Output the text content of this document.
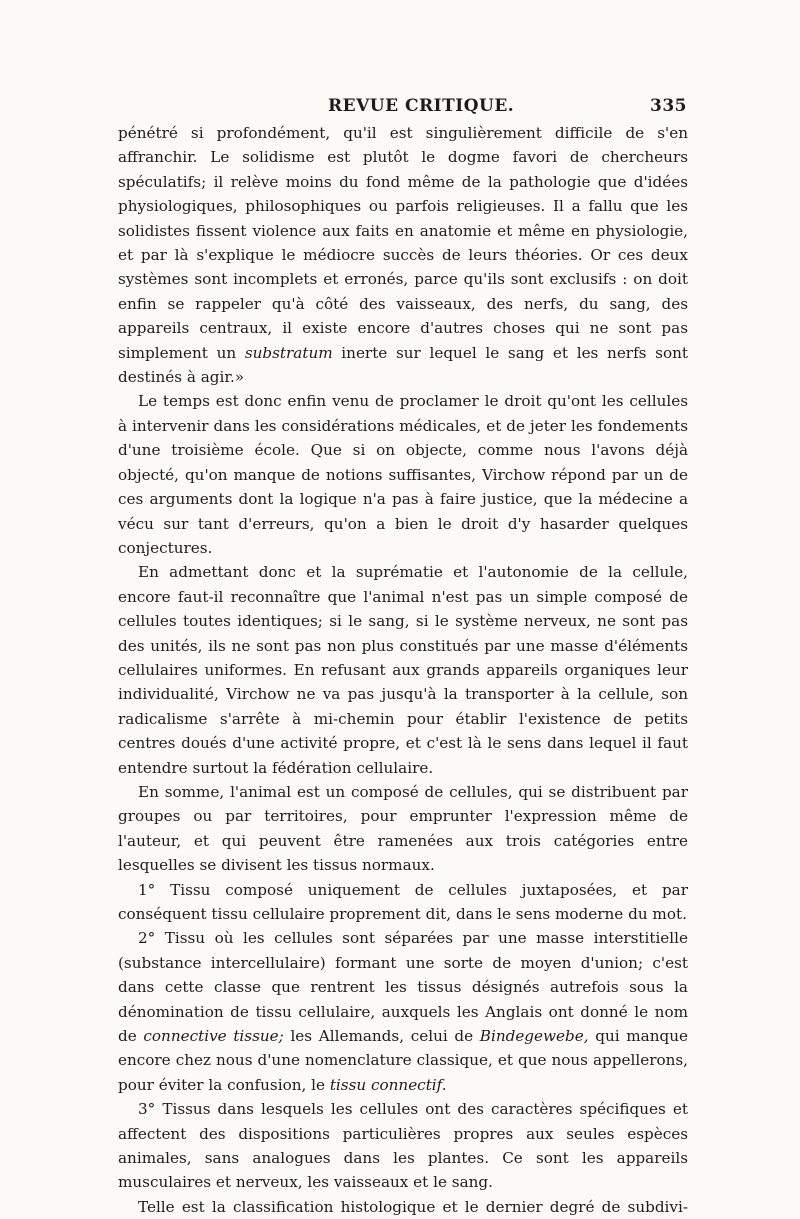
REVUE CRITIQUE.	335

pénétré si profondément, qu'il est singulièrement difficile de s'en affranchir. Le solidisme est plutôt le dogme favori de chercheurs spéculatifs; il relève moins du fond même de la pathologie que d'idées physiologiques, philosophiques ou parfois religieuses. Il a fallu que les solidistes fissent violence aux faits en anatomie et même en physiologie, et par là s'explique le médiocre succès de leurs théories. Or ces deux systèmes sont incomplets et erronés, parce qu'ils sont exclusifs : on doit enfin se rappeler qu'à côté des vaisseaux, des nerfs, du sang, des appareils centraux, il existe encore d'autres choses qui ne sont pas simplement un substratum inerte sur lequel le sang et les nerfs sont destinés à agir.»

Le temps est donc enfin venu de proclamer le droit qu'ont les cellules à intervenir dans les considérations médicales, et de jeter les fondements d'une troisième école. Que si on objecte, comme nous l'avons déjà objecté, qu'on manque de notions suffisantes, Virchow répond par un de ces arguments dont la logique n'a pas à faire justice, que la médecine a vécu sur tant d'erreurs, qu'on a bien le droit d'y hasarder quelques conjectures.

En admettant donc et la suprématie et l'autonomie de la cellule, encore faut-il reconnaître que l'animal n'est pas un simple composé de cellules toutes identiques; si le sang, si le système nerveux, ne sont pas des unités, ils ne sont pas non plus constitués par une masse d'éléments cellulaires uniformes. En refusant aux grands appareils organiques leur individualité, Virchow ne va pas jusqu'à la transporter à la cellule, son radicalisme s'arrête à mi-chemin pour établir l'existence de petits centres doués d'une activité propre, et c'est là le sens dans lequel il faut entendre surtout la fédération cellulaire.

En somme, l'animal est un composé de cellules, qui se distribuent par groupes ou par territoires, pour emprunter l'expression même de l'auteur, et qui peuvent être ramenées aux trois catégories entre lesquelles se divisent les tissus normaux.

1° Tissu composé uniquement de cellules juxtaposées, et par conséquent tissu cellulaire proprement dit, dans le sens moderne du mot.

2° Tissu où les cellules sont séparées par une masse interstitielle (substance intercellulaire) formant une sorte de moyen d'union; c'est dans cette classe que rentrent les tissus désignés autrefois sous la dénomination de tissu cellulaire, auxquels les Anglais ont donné le nom de connective tissue; les Allemands, celui de Bindegewebe, qui manque encore chez nous d'une nomenclature classique, et que nous appellerons, pour éviter la confusion, le tissu connectif.

3° Tissus dans lesquels les cellules ont des caractères spécifiques et affectent des dispositions particulières propres aux seules espèces animales, sans analogues dans les plantes. Ce sont les appareils musculaires et nerveux, les vaisseaux et le sang.

Telle est la classification histologique et le dernier degré de subdivi-
